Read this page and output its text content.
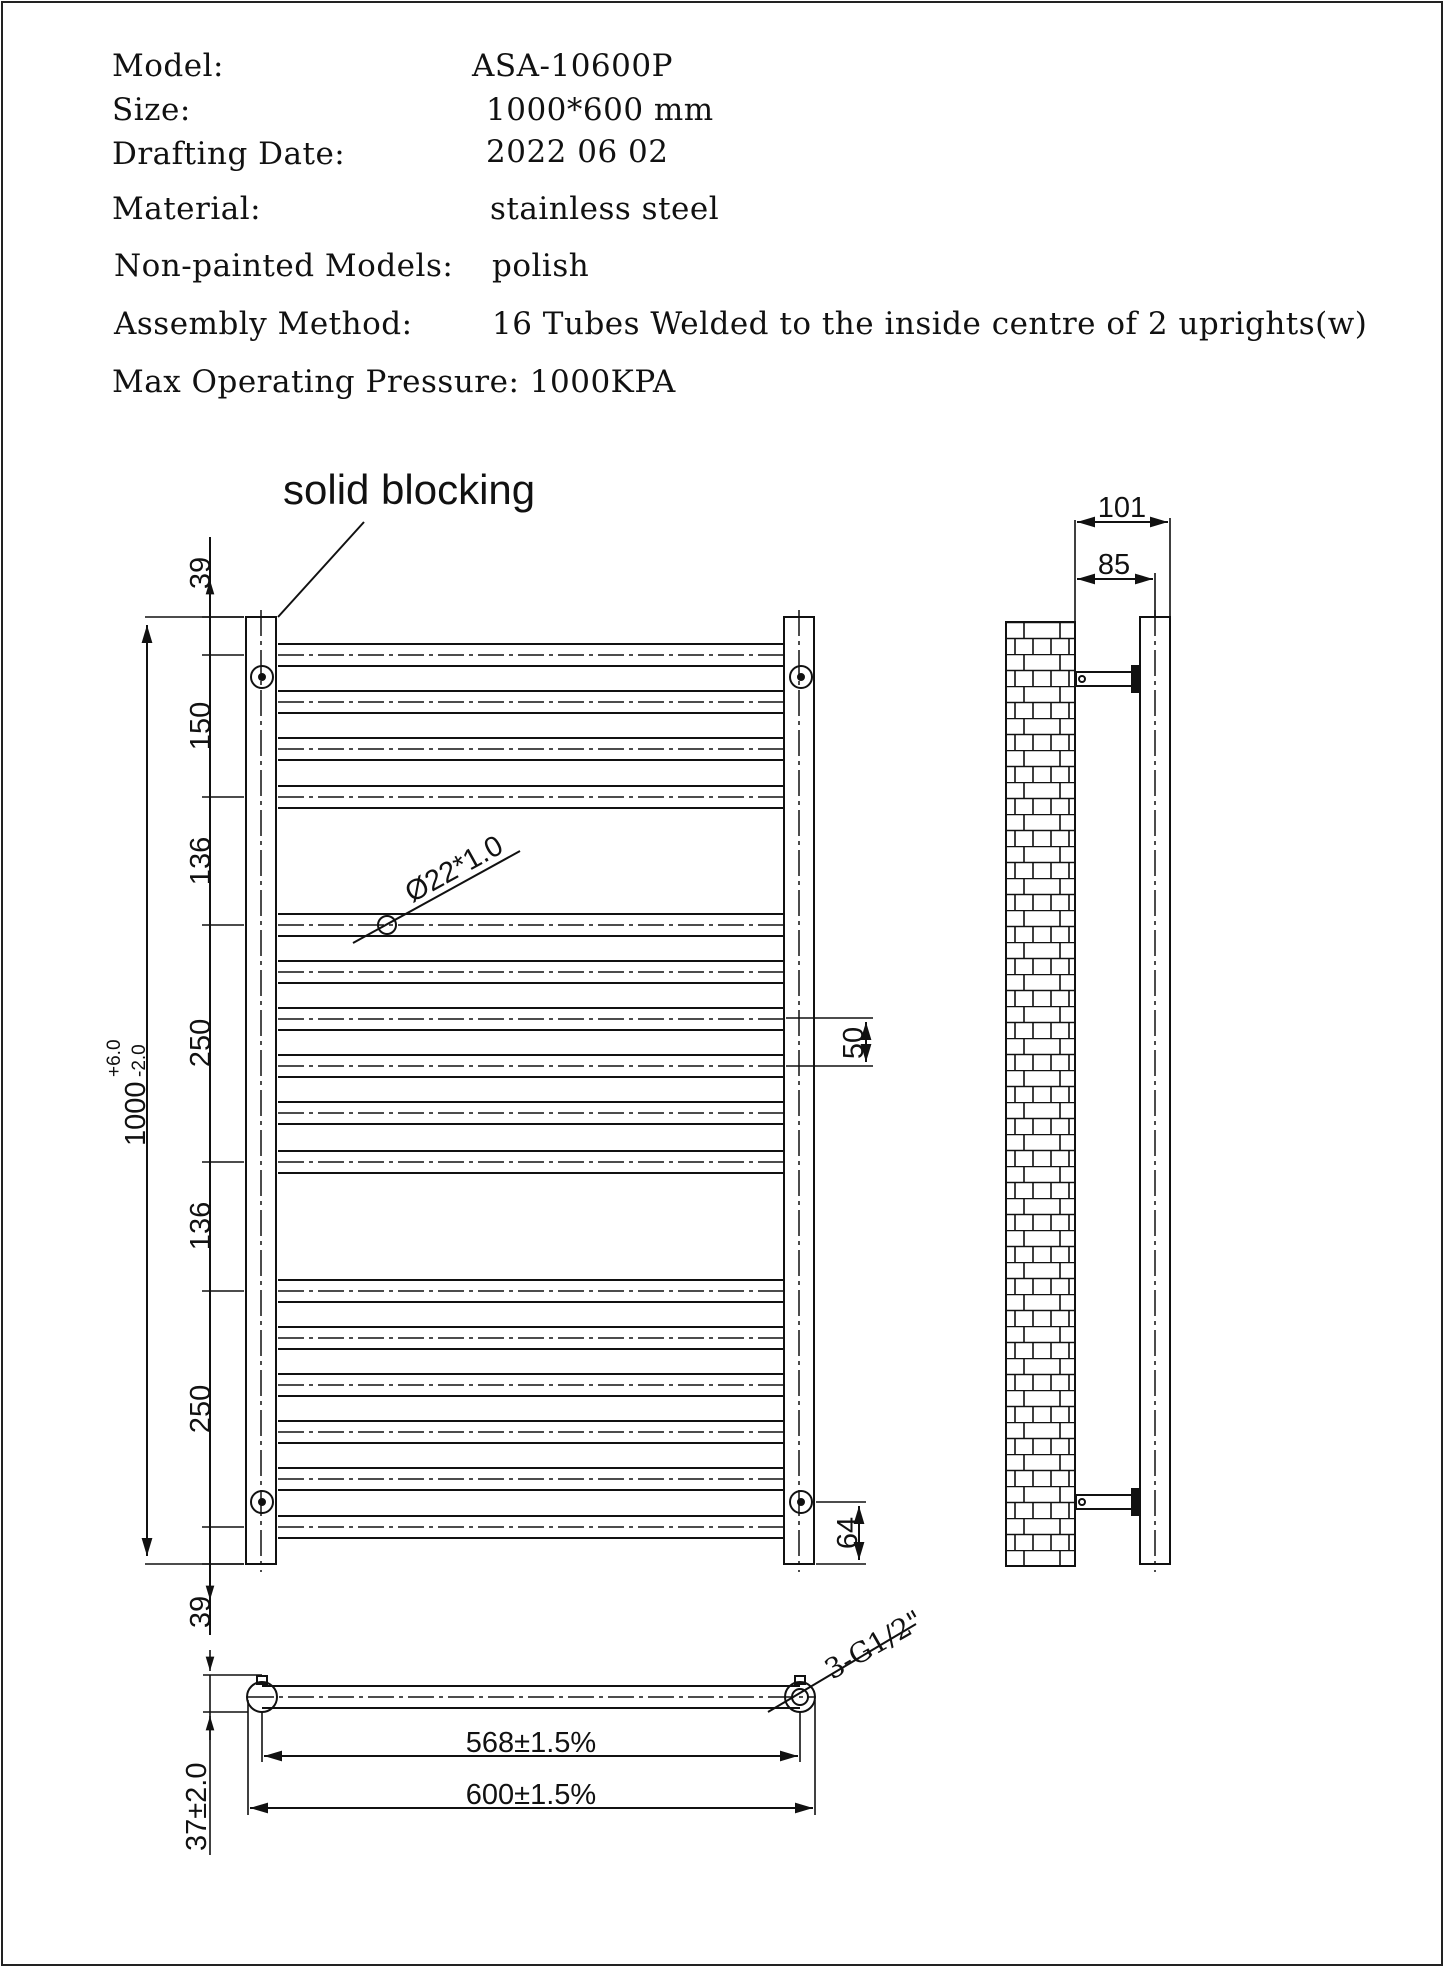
Model:	ASA-10600P
Size:	1000*600 mm
Drafting Date:	2022 06 02
Material:	stainless steel
Non-painted Models: polish
Assembly Method:	16 Tubes Welded to the inside centre of 2 uprights(w)
Max Operating Pressure: 1000KPA
solid blocking
Ø22*1.0
39
150
136
250
136
250
39
1000
+6.0 -2.0
50
64
101
85
3-G1/2"
568±1.5%
600±1.5%
37±2.0
